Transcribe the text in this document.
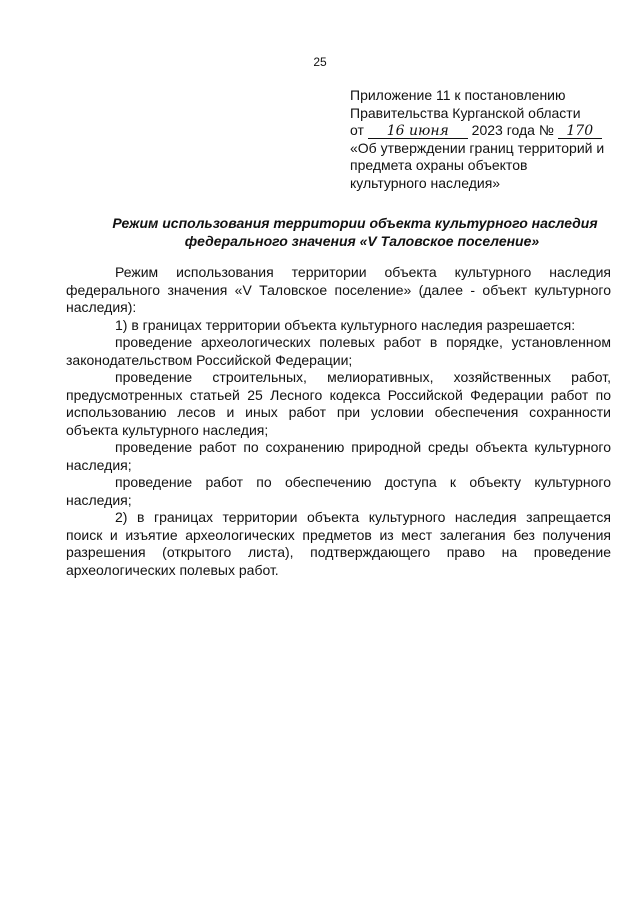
25
Приложение 11 к постановлению
Правительства Курганской области
от 16 июня 2023 года № 170
«Об утверждении границ территорий и
предмета охраны объектов
культурного наследия»
Режим использования территории объекта культурного наследия
федерального значения «V Таловское поселение»

Режим использования территории объекта культурного наследия федерального значения «V Таловское поселение» (далее - объект культурного наследия):

1) в границах территории объекта культурного наследия разрешается:

проведение археологических полевых работ в порядке, установленном законодательством Российской Федерации;

проведение строительных, мелиоративных, хозяйственных работ, предусмотренных статьей 25 Лесного кодекса Российской Федерации работ по использованию лесов и иных работ при условии обеспечения сохранности объекта культурного наследия;

проведение работ по сохранению природной среды объекта культурного наследия;

проведение работ по обеспечению доступа к объекту культурного наследия;

2) в границах территории объекта культурного наследия запрещается поиск и изъятие археологических предметов из мест залегания без получения разрешения (открытого листа), подтверждающего право на проведение археологических полевых работ.
